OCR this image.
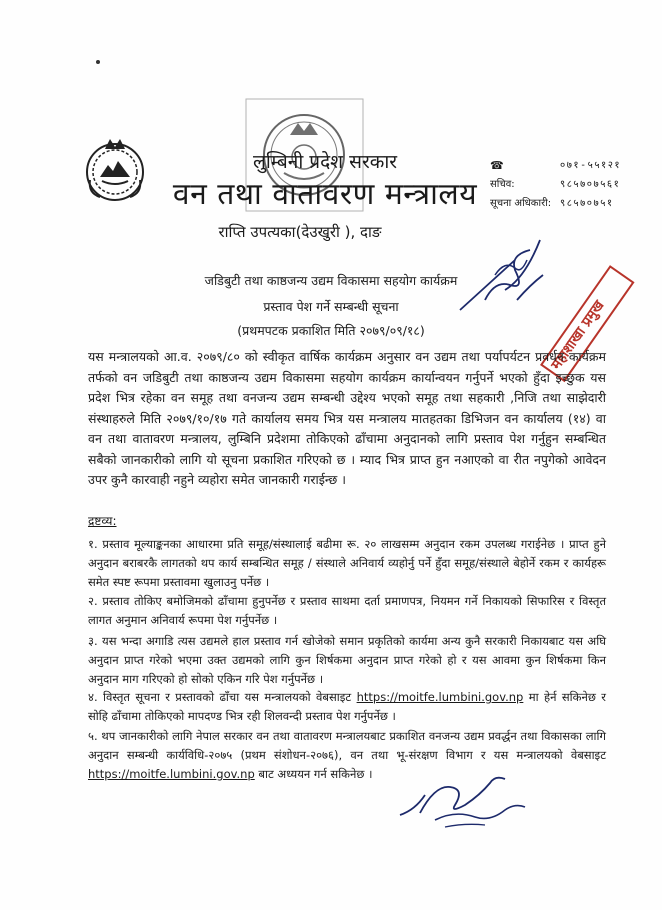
लुम्बिनी प्रदेश सरकार
वन तथा वातावरण मन्त्रालय
राप्ति उपत्यका(देउखुरी ), दाङ
☎	०७१-५५१२१
सचिव:	९८५७०७५६१
सूचना अधिकारी: ९८५७०७५१
महाशाखा प्रमुख
जडिबुटी तथा काष्ठजन्य उद्यम विकासमा सहयोग कार्यक्रम
प्रस्ताव पेश गर्ने सम्बन्धी सूचना
(प्रथमपटक प्रकाशित मिति २०७९/०९/१८)
यस मन्त्रालयको आ.व. २०७९/८० को स्वीकृत वार्षिक कार्यक्रम अनुसार वन उद्यम तथा पर्यापर्यटन प्रवर्धन कार्यक्रम तर्फको वन जडिबुटी तथा काष्ठजन्य उद्यम विकासमा सहयोग कार्यक्रम कार्यान्वयन गर्नुपर्ने भएको हुँदा इच्छुक यस प्रदेश भित्र रहेका वन समूह तथा वनजन्य उद्यम सम्बन्धी उद्देश्य भएको समूह तथा सहकारी ,निजि तथा साझेदारी संस्थाहरुले मिति २०७९/१०/१७ गते कार्यालय समय भित्र यस मन्त्रालय मातहतका डिभिजन वन कार्यालय (१४) वा वन तथा वातावरण मन्त्रालय, लुम्बिनि प्रदेशमा तोकिएको ढाँचामा अनुदानको लागि प्रस्ताव पेश गर्नुहुन सम्बन्धित सबैको जानकारीको लागि यो सूचना प्रकाशित गरिएको छ । म्याद भित्र प्राप्त हुन नआएको वा रीत नपुगेको आवेदन उपर कुनै कारवाही नहुने व्यहोरा समेत जानकारी गराईन्छ ।
द्रष्टव्य:
१. प्रस्ताव मूल्याङ्कनका आधारमा प्रति समूह/संस्थालाई बढीमा रू. २० लाखसम्म अनुदान रकम उपलब्ध गराईनेछ । प्राप्त हुने अनुदान बराबरकै लागतको थप कार्य सम्बन्धित समूह / संस्थाले अनिवार्य व्यहोर्नु पर्ने हुँदा समूह/संस्थाले बेहोर्ने रकम र कार्यहरू समेत स्पष्ट रूपमा प्रस्तावमा खुलाउनु पर्नेछ ।
२. प्रस्ताव तोकिए बमोजिमको ढाँचामा हुनुपर्नेछ र प्रस्ताव साथमा दर्ता प्रमाणपत्र, नियमन गर्ने निकायको सिफारिस र विस्तृत लागत अनुमान अनिवार्य रूपमा पेश गर्नुपर्नेछ ।
३. यस भन्दा अगाडि त्यस उद्यमले हाल प्रस्ताव गर्न खोजेको समान प्रकृतिको कार्यमा अन्य कुनै सरकारी निकायबाट यस अघि अनुदान प्राप्त गरेको भएमा उक्त उद्यमको लागि कुन शिर्षकमा अनुदान प्राप्त गरेको हो र यस आवमा कुन शिर्षकमा किन अनुदान माग गरिएको हो सोको एकिन गरि पेश गर्नुपर्नेछ ।
४. विस्तृत सूचना र प्रस्तावको ढाँचा यस मन्त्रालयको वेबसाइट https://moitfe.lumbini.gov.np मा हेर्न सकिनेछ र सोहि ढाँचामा तोकिएको मापदण्ड भित्र रही शिलवन्दी प्रस्ताव पेश गर्नुपर्नेछ ।
५. थप जानकारीको लागि नेपाल सरकार वन तथा वातावरण मन्त्रालयबाट प्रकाशित वनजन्य उद्यम प्रवर्द्धन तथा विकासका लागि अनुदान सम्बन्धी कार्यविधि-२०७५ (प्रथम संशोधन-२०७६), वन तथा भू-संरक्षण विभाग र यस मन्त्रालयको वेबसाइट https://moitfe.lumbini.gov.np बाट अध्ययन गर्न सकिनेछ ।
